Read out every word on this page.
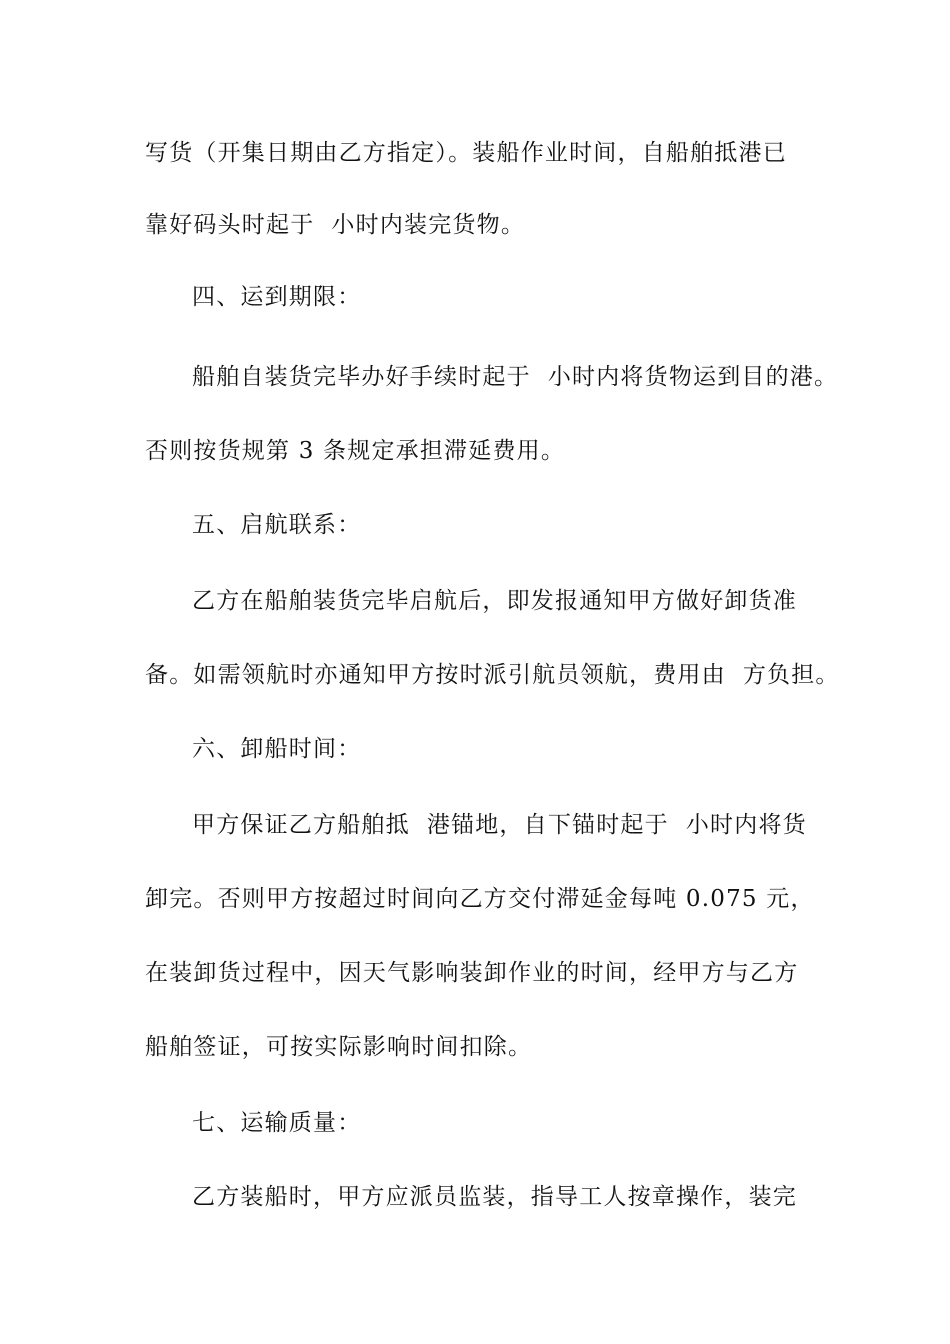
写货（开集日期由乙方指定）。装船作业时间，自船舶抵港已
靠好码头时起于  小时内装完货物。
四、运到期限：
船舶自装货完毕办好手续时起于  小时内将货物运到目的港。
否则按货规第 3 条规定承担滞延费用。
五、启航联系：
乙方在船舶装货完毕启航后，即发报通知甲方做好卸货准
备。如需领航时亦通知甲方按时派引航员领航，费用由  方负担。
六、卸船时间：
甲方保证乙方船舶抵  港锚地，自下锚时起于  小时内将货
卸完。否则甲方按超过时间向乙方交付滞延金每吨 0.075 元，
在装卸货过程中，因天气影响装卸作业的时间，经甲方与乙方
船舶签证，可按实际影响时间扣除。
七、运输质量：
乙方装船时，甲方应派员监装，指导工人按章操作，装完
